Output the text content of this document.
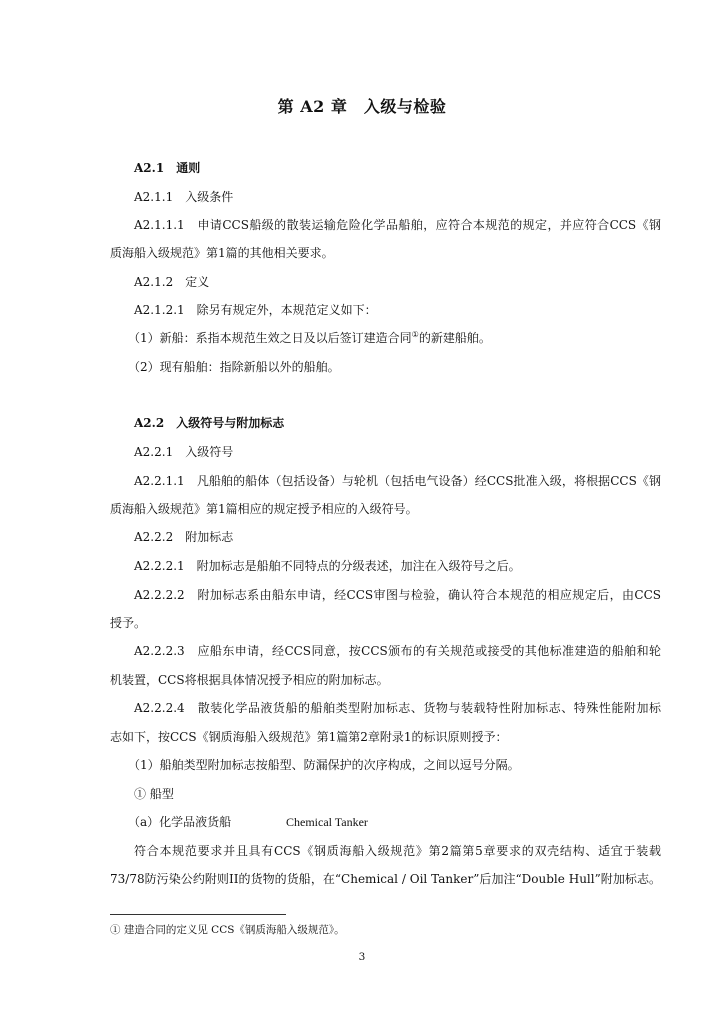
第 A2 章　入级与检验
A2.1　通则
A2.1.1　入级条件
A2.1.1.1　申请CCS船级的散装运输危险化学品船舶，应符合本规范的规定，并应符合CCS《钢
质海船入级规范》第1篇的其他相关要求。
A2.1.2　定义
A2.1.2.1　除另有规定外，本规范定义如下：
（1）新船：系指本规范生效之日及以后签订建造合同①的新建船舶。
（2）现有船舶：指除新船以外的船舶。
A2.2　入级符号与附加标志
A2.2.1　入级符号
A2.2.1.1　凡船舶的船体（包括设备）与轮机（包括电气设备）经CCS批准入级，将根据CCS《钢
质海船入级规范》第1篇相应的规定授予相应的入级符号。
A2.2.2　附加标志
A2.2.2.1　附加标志是船舶不同特点的分级表述，加注在入级符号之后。
A2.2.2.2　附加标志系由船东申请，经CCS审图与检验，确认符合本规范的相应规定后，由CCS
授予。
A2.2.2.3　应船东申请，经CCS同意，按CCS颁布的有关规范或接受的其他标准建造的船舶和轮
机装置，CCS将根据具体情况授予相应的附加标志。
A2.2.2.4　散装化学品液货船的船舶类型附加标志、货物与装载特性附加标志、特殊性能附加标
志如下，按CCS《钢质海船入级规范》第1篇第2章附录1的标识原则授予：
（1）船舶类型附加标志按船型、防漏保护的次序构成，之间以逗号分隔。
① 船型
（a）化学品液货船	Chemical Tanker
符合本规范要求并且具有CCS《钢质海船入级规范》第2篇第5章要求的双壳结构、适宜于装载
73/78防污染公约附则II的货物的货船，在“Chemical / Oil Tanker”后加注“Double Hull”附加标志。
① 建造合同的定义见 CCS《钢质海船入级规范》。
3
